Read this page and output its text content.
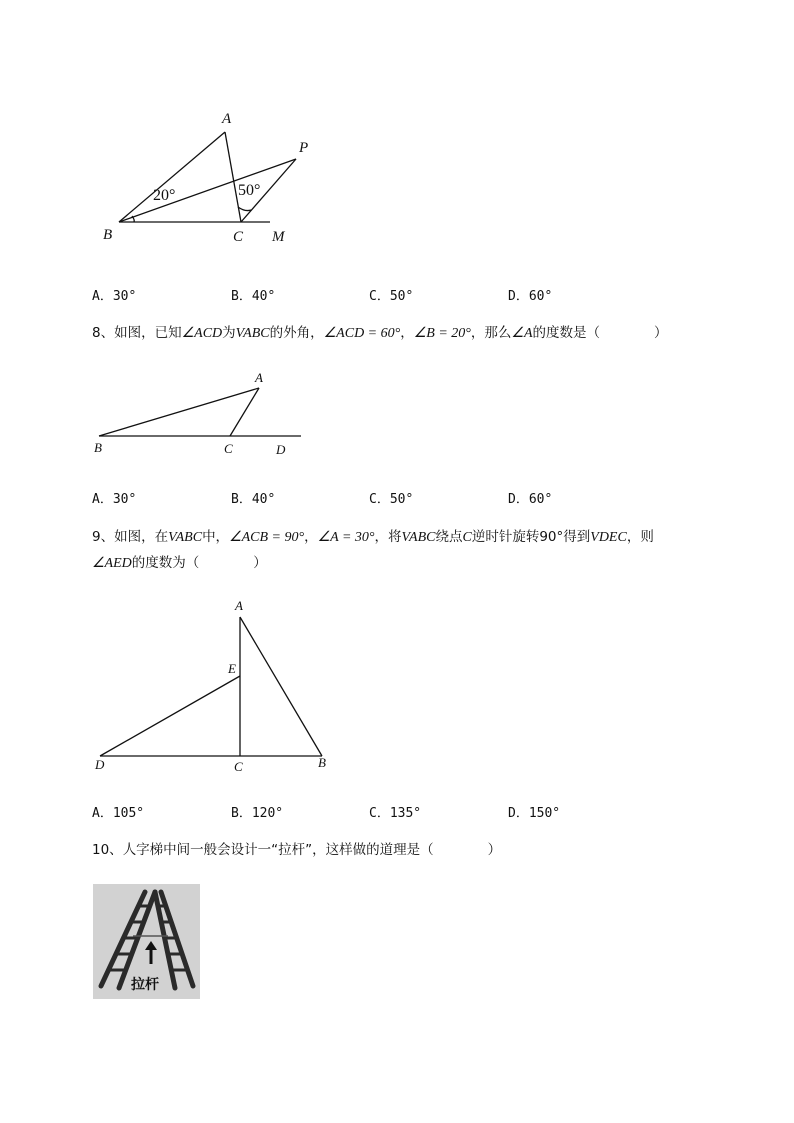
A
P
B	C M
20°	50°
A．30°	B．40°	C．50°	D．60°
8、如图，已知∠ACD为VABC的外角，∠ACD = 60°，∠B = 20°，那么∠A的度数是（　　　　）
A
B	C	D
A．30°	B．40°	C．50°	D．60°
9、如图，在VABC中，∠ACB = 90°，∠A = 30°，将VABC绕点C逆时针旋转90°得到VDEC，则
∠AED的度数为（　　　　）
A
E
D	C	B
A．105°	B．120°	C．135°	D．150°
10、人字梯中间一般会设计一“拉杆”，这样做的道理是（　　　　）
拉杆
